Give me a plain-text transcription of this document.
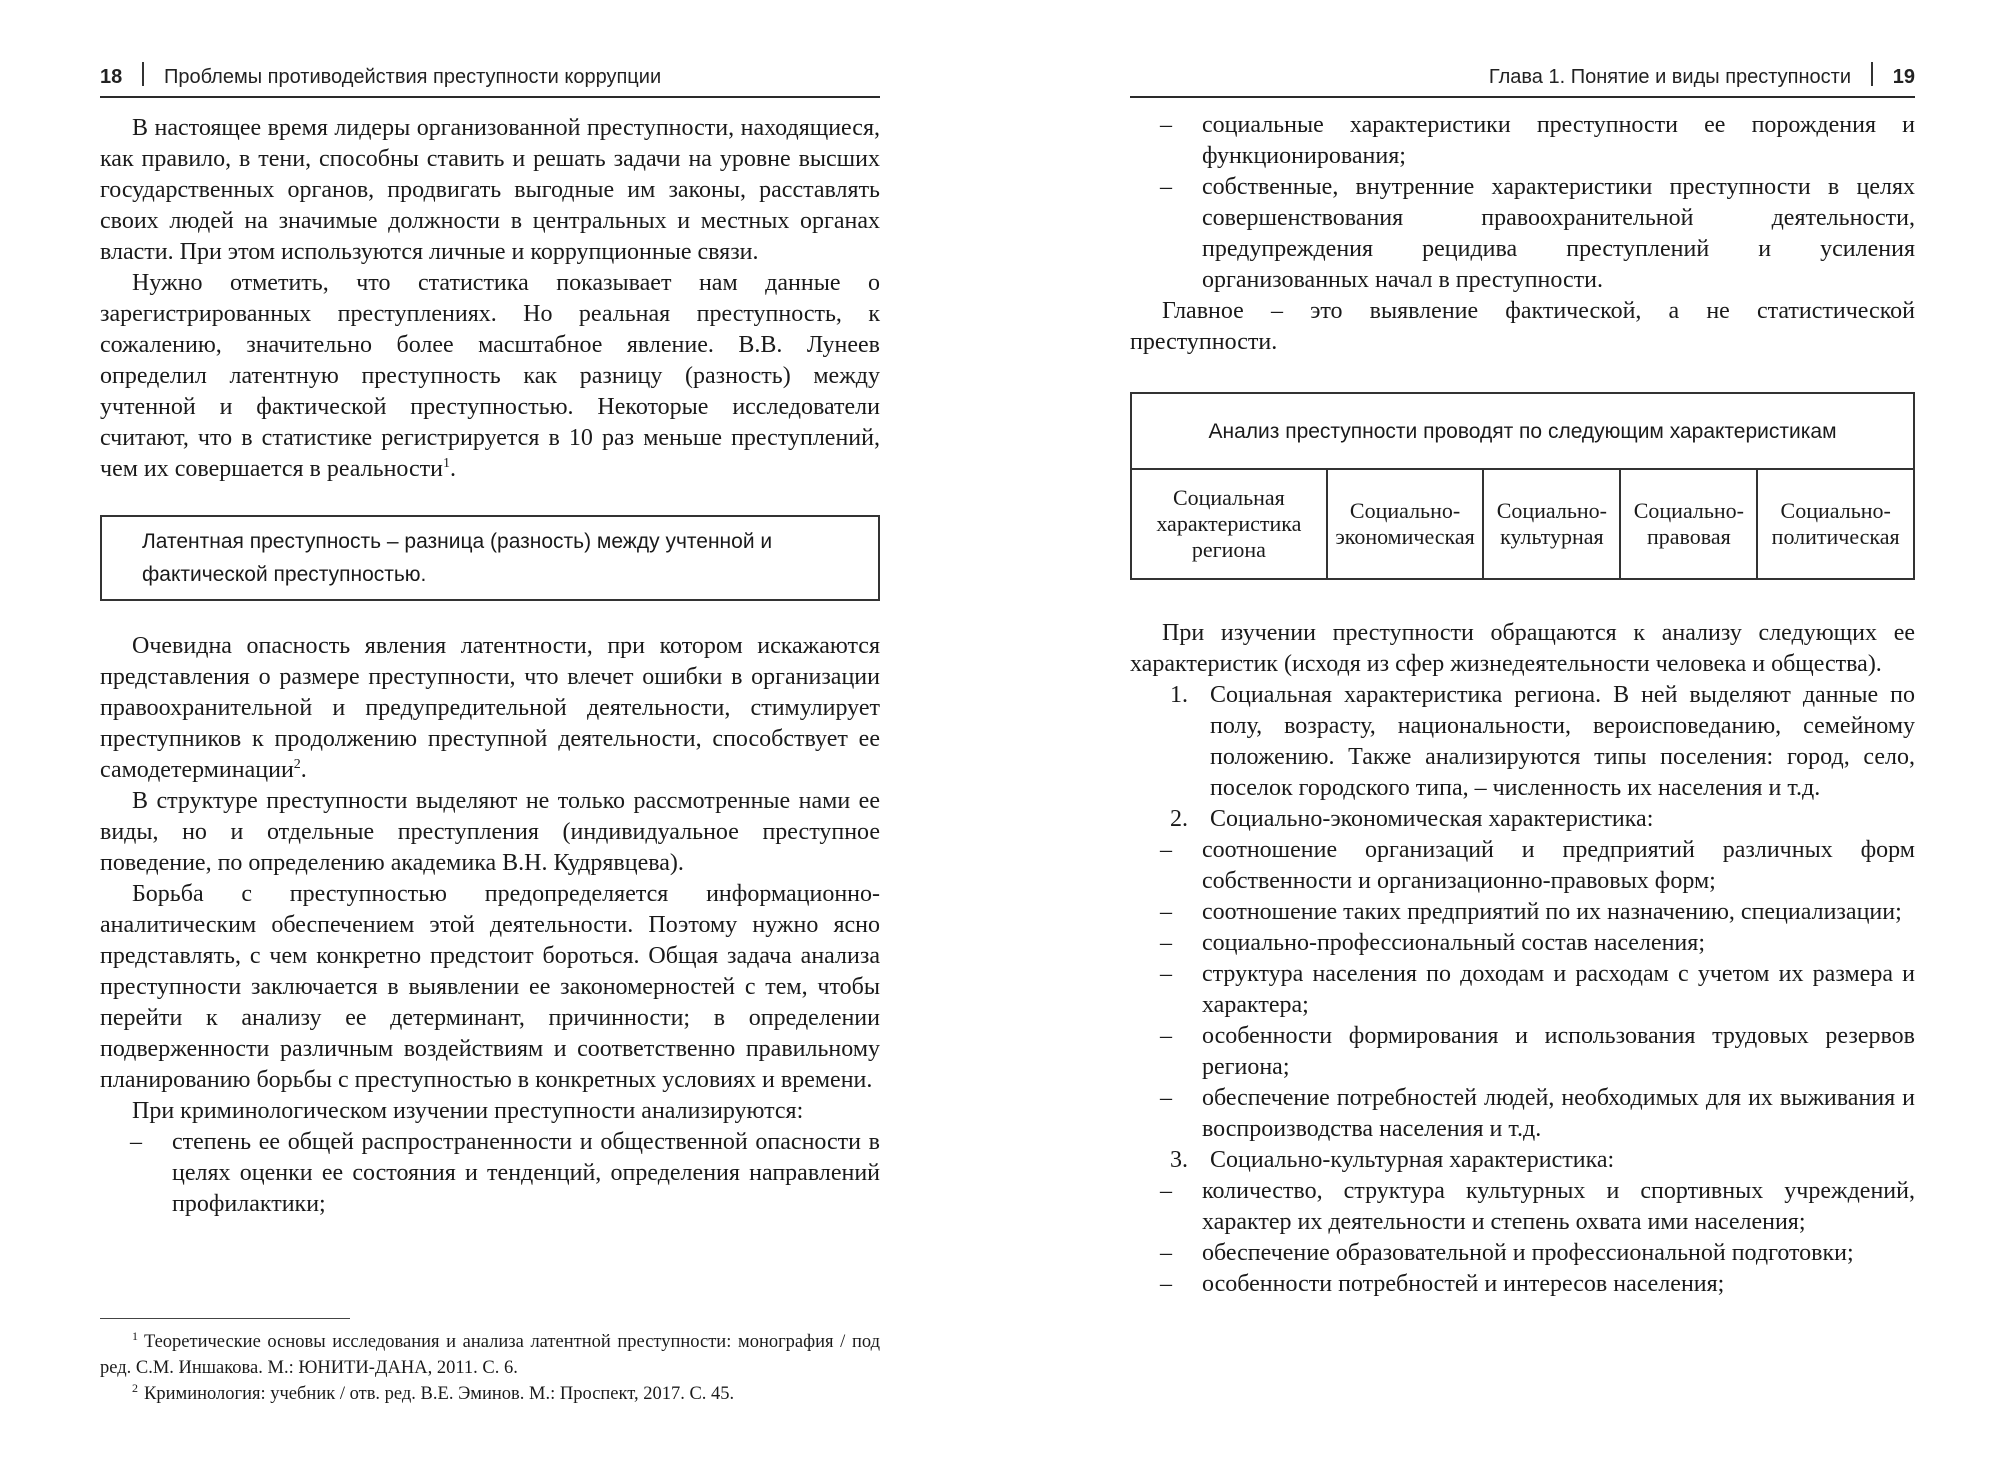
18 Проблемы противодействия преступности коррупции

В настоящее время лидеры организованной преступности, находящиеся, как правило, в тени, способны ставить и решать задачи на уровне высших государственных органов, продвигать выгодные им законы, расставлять своих людей на значимые должности в центральных и местных органах власти. При этом используются личные и коррупционные связи.

Нужно отметить, что статистика показывает нам данные о зарегистрированных преступлениях. Но реальная преступность, к сожалению, значительно более масштабное явление. В.В. Лунеев определил латентную преступность как разницу (разность) между учтенной и фактической преступностью. Некоторые исследователи считают, что в статистике регистрируется в 10 раз меньше преступлений, чем их совершается в реальности$^1$.

Латентная преступность – разница (разность) между учтенной и фактической преступностью.

Очевидна опасность явления латентности, при котором искажаются представления о размере преступности, что влечет ошибки в организации правоохранительной и предупредительной деятельности, стимулирует преступников к продолжению преступной деятельности, способствует ее самодетерминации$^2$.

В структуре преступности выделяют не только рассмотренные нами ее виды, но и отдельные преступления (индивидуальное преступное поведение, по определению академика В.Н. Кудрявцева).

Борьба с преступностью предопределяется информационно-аналитическим обеспечением этой деятельности. Поэтому нужно ясно представлять, с чем конкретно предстоит бороться. Общая задача анализа преступности заключается в выявлении ее закономерностей с тем, чтобы перейти к анализу ее детерминант, причинности; в определении подверженности различным воздействиям и соответственно правильному планированию борьбы с преступностью в конкретных условиях и времени.

При криминологическом изучении преступности анализируются:

– степень ее общей распространенности и общественной опасности в целях оценки ее состояния и тенденций, определения направлений профилактики;

$^1$ Теоретические основы исследования и анализа латентной преступности: монография / под ред. С.М. Иншакова. М.: ЮНИТИ-ДАНА, 2011. С. 6.

$^2$ Криминология: учебник / отв. ред. В.Е. Эминов. М.: Проспект, 2017. С. 45.

Глава 1. Понятие и виды преступности 19
– социальные характеристики преступности ее порождения и функционирования;
– собственные, внутренние характеристики преступности в целях совершенствования правоохранительной деятельности, предупреждения рецидива преступлений и усиления организованных начал в преступности.

Главное – это выявление фактической, а не статистической преступности.

Анализ преступности проводят по следующим характеристикам
Социальная характеристика региона	Социально-экономическая	Социально-культурная	Социально-правовая	Социально-политическая

При изучении преступности обращаются к анализу следующих ее характеристик (исходя из сфер жизнедеятельности человека и общества).

1. Социальная характеристика региона. В ней выделяют данные по полу, возрасту, национальности, вероисповеданию, семейному положению. Также анализируются типы поселения: город, село, поселок городского типа, – численность их населения и т.д.
2. Социально-экономическая характеристика:
– соотношение организаций и предприятий различных форм собственности и организационно-правовых форм;
– соотношение таких предприятий по их назначению, специализации;
– социально-профессиональный состав населения;
– структура населения по доходам и расходам с учетом их размера и характера;
– особенности формирования и использования трудовых резервов региона;
– обеспечение потребностей людей, необходимых для их выживания и воспроизводства населения и т.д.
3. Социально-культурная характеристика:
– количество, структура культурных и спортивных учреждений, характер их деятельности и степень охвата ими населения;
– обеспечение образовательной и профессиональной подготовки;
– особенности потребностей и интересов населения;
